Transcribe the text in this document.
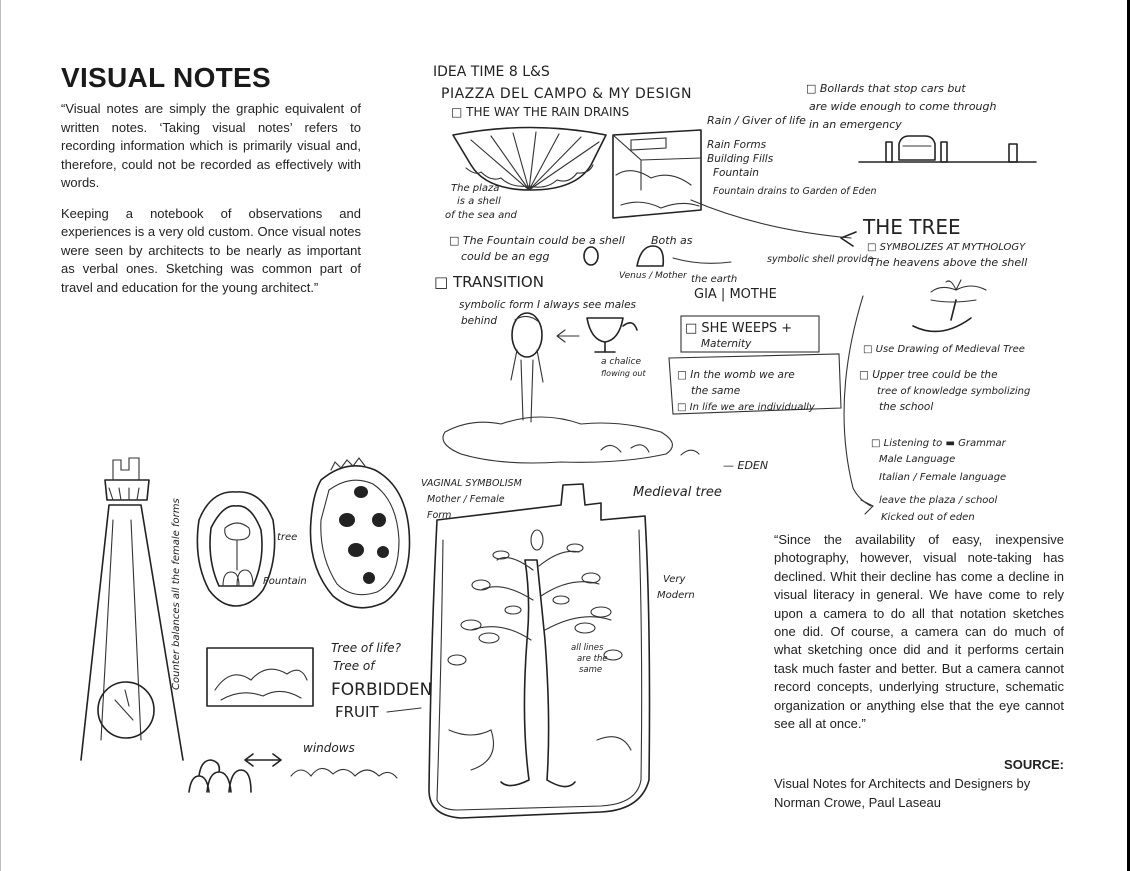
VISUAL NOTES

“Visual notes are simply the graphic equivalent of written notes. ‘Taking visual notes’ refers to recording information which is primarily visual and, therefore, could not be recorded as effectively with words.

Keeping a notebook of observations and experiences is a very old custom. Once visual notes were seen by architects to be nearly as important as verbal ones. Sketching was common part of travel and education for the young architect.”

IDEA TIME 8 L&S
PIAZZA DEL CAMPO & MY DESIGN
□ THE WAY THE RAIN DRAINS
The plaza
is a shell
of the sea and
Rain / Giver of life
Rain Forms
Building Fills
Fountain
Fountain drains to Garden of Eden
□ Bollards that stop cars but
are wide enough to come through
in an emergency
□ The Fountain could be a shell
could be an egg
Both as
Venus / Mother
symbolic shell provide
the earth
GIA | MOTHE
THE TREE
□ SYMBOLIZES AT MYTHOLOGY
The heavens above the shell
□ TRANSITION
symbolic form I always see males
behind
a chalice
flowing out
□ SHE WEEPS +
Maternity
□ In the womb we are
the same
□ In life we are individually
— EDEN
□ Use Drawing of Medieval Tree
□ Upper tree could be the
tree of knowledge symbolizing
the school
□ Listening to ▬ Grammar
Male Language
Italian / Female language
leave the plaza / school
Kicked out of eden
Counter balances all the female forms	tree
Fountain
windows
Tree of life?
Tree of
FORBIDDEN
FRUIT
VAGINAL SYMBOLISM
Mother / Female
Form
Medieval tree
Very
Modern
all lines
are the
same
“Since the availability of easy, inexpensive photography, however, visual note-taking has declined. Whit their decline has come a decline in visual literacy in general. We have come to rely upon a camera to do all that notation sketches one did. Of course, a camera can do much of what sketching once did and it performs certain task much faster and better. But a camera cannot record concepts, underlying structure, schematic organization or anything else that the eye cannot see all at once.”
SOURCE:
Visual Notes for Architects and Designers by
Norman Crowe, Paul Laseau
